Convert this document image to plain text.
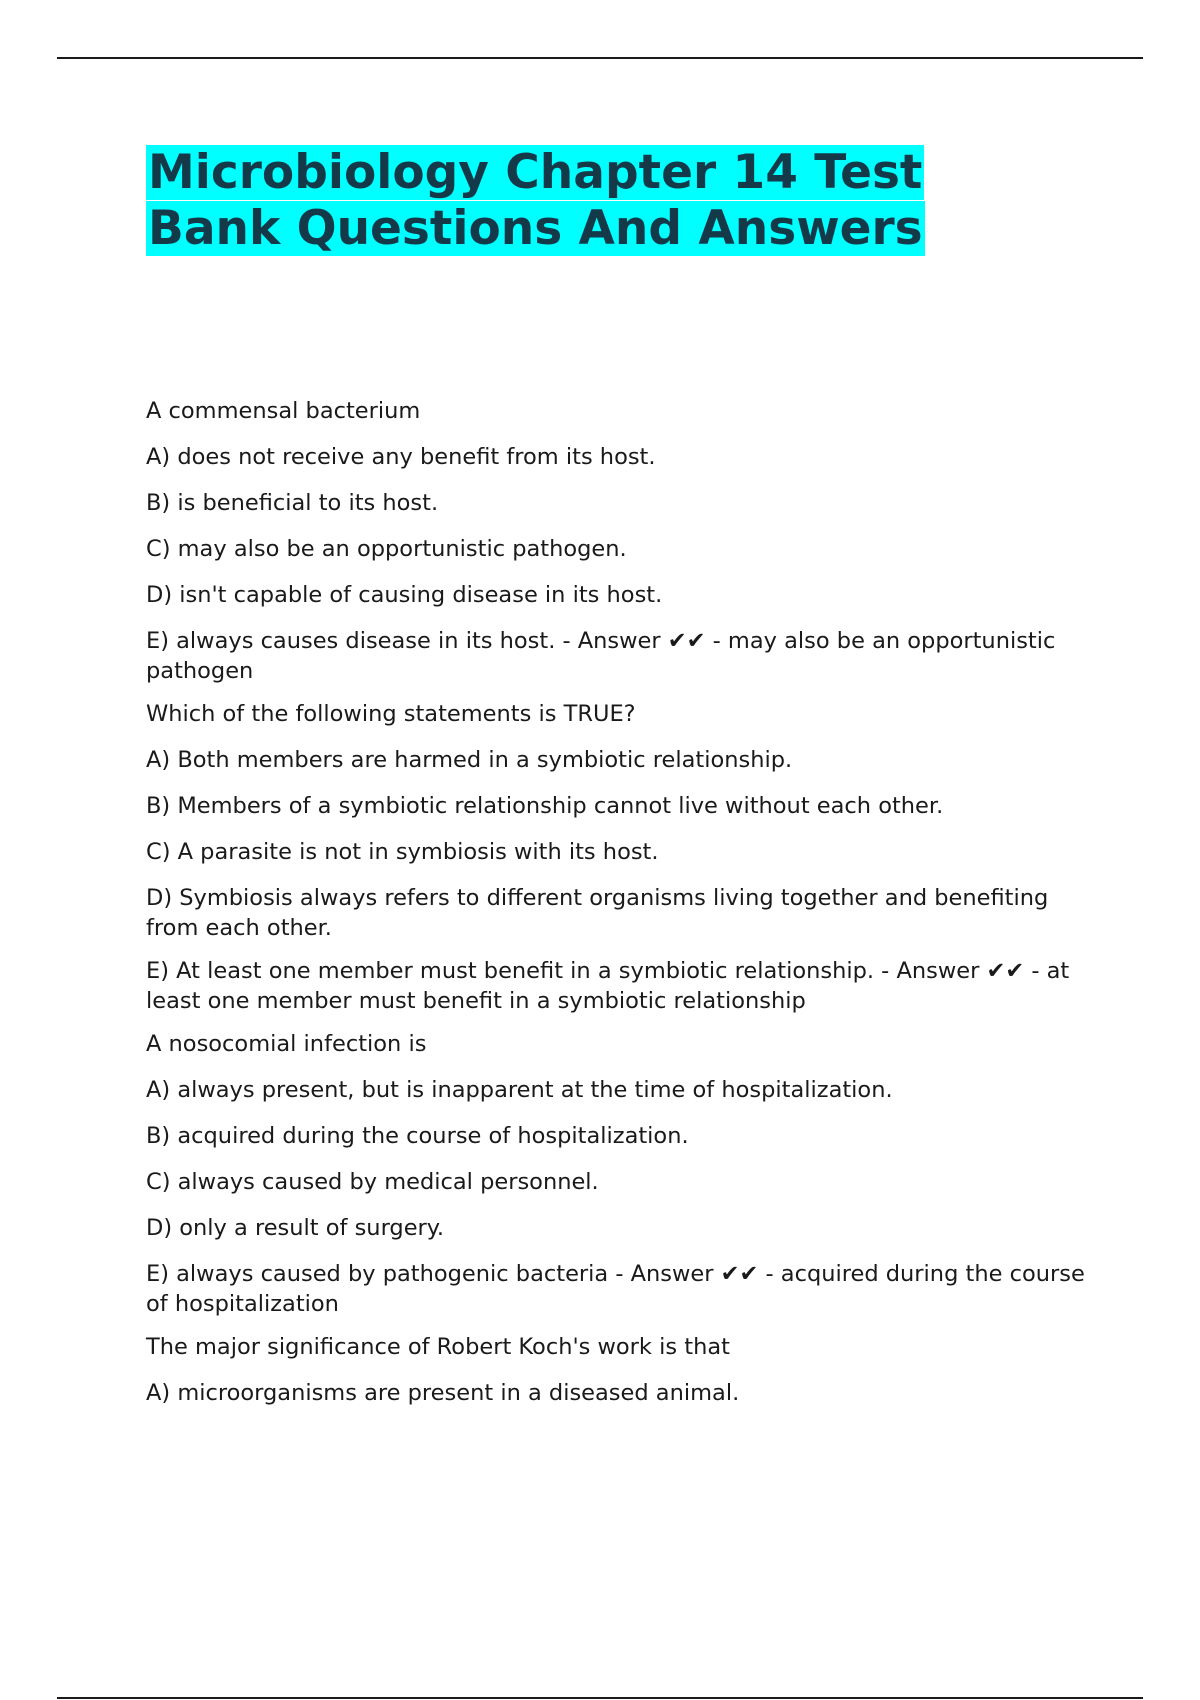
Microbiology Chapter 14 Test
Bank Questions And Answers

A commensal bacterium

A) does not receive any benefit from its host.

B) is beneficial to its host.

C) may also be an opportunistic pathogen.

D) isn't capable of causing disease in its host.

E) always causes disease in its host. - Answer ✔✔ - may also be an opportunistic pathogen

Which of the following statements is TRUE?

A) Both members are harmed in a symbiotic relationship.

B) Members of a symbiotic relationship cannot live without each other.

C) A parasite is not in symbiosis with its host.

D) Symbiosis always refers to different organisms living together and benefiting from each other.

E) At least one member must benefit in a symbiotic relationship. - Answer ✔✔ - at least one member must benefit in a symbiotic relationship

A nosocomial infection is

A) always present, but is inapparent at the time of hospitalization.

B) acquired during the course of hospitalization.

C) always caused by medical personnel.

D) only a result of surgery.

E) always caused by pathogenic bacteria - Answer ✔✔ - acquired during the course of hospitalization

The major significance of Robert Koch's work is that

A) microorganisms are present in a diseased animal.
